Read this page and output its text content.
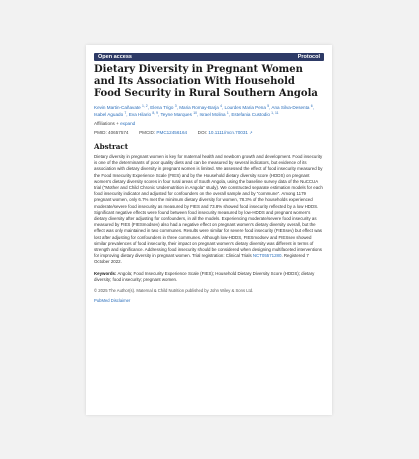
Open access	Protocol
Dietary Diversity in Pregnant Women and Its Association With Household Food Security in Rural Southern Angola
Kevin Martin-Cañavate $^{1, 2}$, Elena Trigo $^3$, Maria Romay-Barja $^4$, Lourdes Maria Pena $^5$, Ana Silva-Desenta $^6$, Isabel Aguado $^7$, Eva Hilario $^{8, 9}$, Teyne Marques $^{10}$, Israel Molina $^1$, Estefania Custodio $^{1, 11}$
Affiliations + expand
PMID: 40657574 PMCID: PMC12456164 DOI: 10.1111/mcn.70031 ↗
Abstract

Dietary diversity in pregnant women is key for maternal health and newborn growth and development. Food insecurity is one of the determinants of poor quality diets and can be measured by several indicators, but evidence of its association with dietary diversity in pregnant women is limited. We assessed the effect of food insecurity measured by the Food Insecurity Experience Scale (FIES) and by the Household dietary diversity score (HDDS) on pregnant women's dietary diversity scores in four rural areas of South Angola, using the baseline survey data of the NuCCUA trial ("Mother and Child Chronic Undernutrition in Angola" study). We constructed separate estimation models for each food insecurity indicator and adjusted for confounders on the overall sample and by "commune". Among 1179 pregnant women, only 6.7% met the minimum dietary diversity for women, 78.3% of the households experienced moderate/severe food insecurity as measured by FIES and 73.8% showed food insecurity reflected by a low HDDS. Significant negative effects were found between food insecurity measured by low-HDDS and pregnant women's dietary diversity after adjusting for confounders, in all the models. Experiencing moderate/severe food insecurity as measured by FIES (FIESmodsev) also had a negative effect on pregnant women's dietary diversity overall, but the effect was only maintained in two communes. Results were similar for severe food insecurity (FIESsev) but effect was lost after adjusting for confounders in three communes. Although low-HDDS, FIESmodsev and FIESsev showed similar prevalences of food insecurity, their impact on pregnant women's dietary diversity was different in terms of strength and significance. Addressing food insecurity should be considered when designing multifaceted interventions for improving dietary diversity in pregnant women. Trial registration: Clinical Trials NCT05571280. Registered 7 October 2022.

Keywords: Angola; Food Insecurity Experience Scale (FIES); Household Dietary Diversity Score (HDDS); dietary diversity; food insecurity; pregnant women.
© 2025 The Author(s). Maternal & Child Nutrition published by John Wiley & Sons Ltd.
PubMed Disclaimer
